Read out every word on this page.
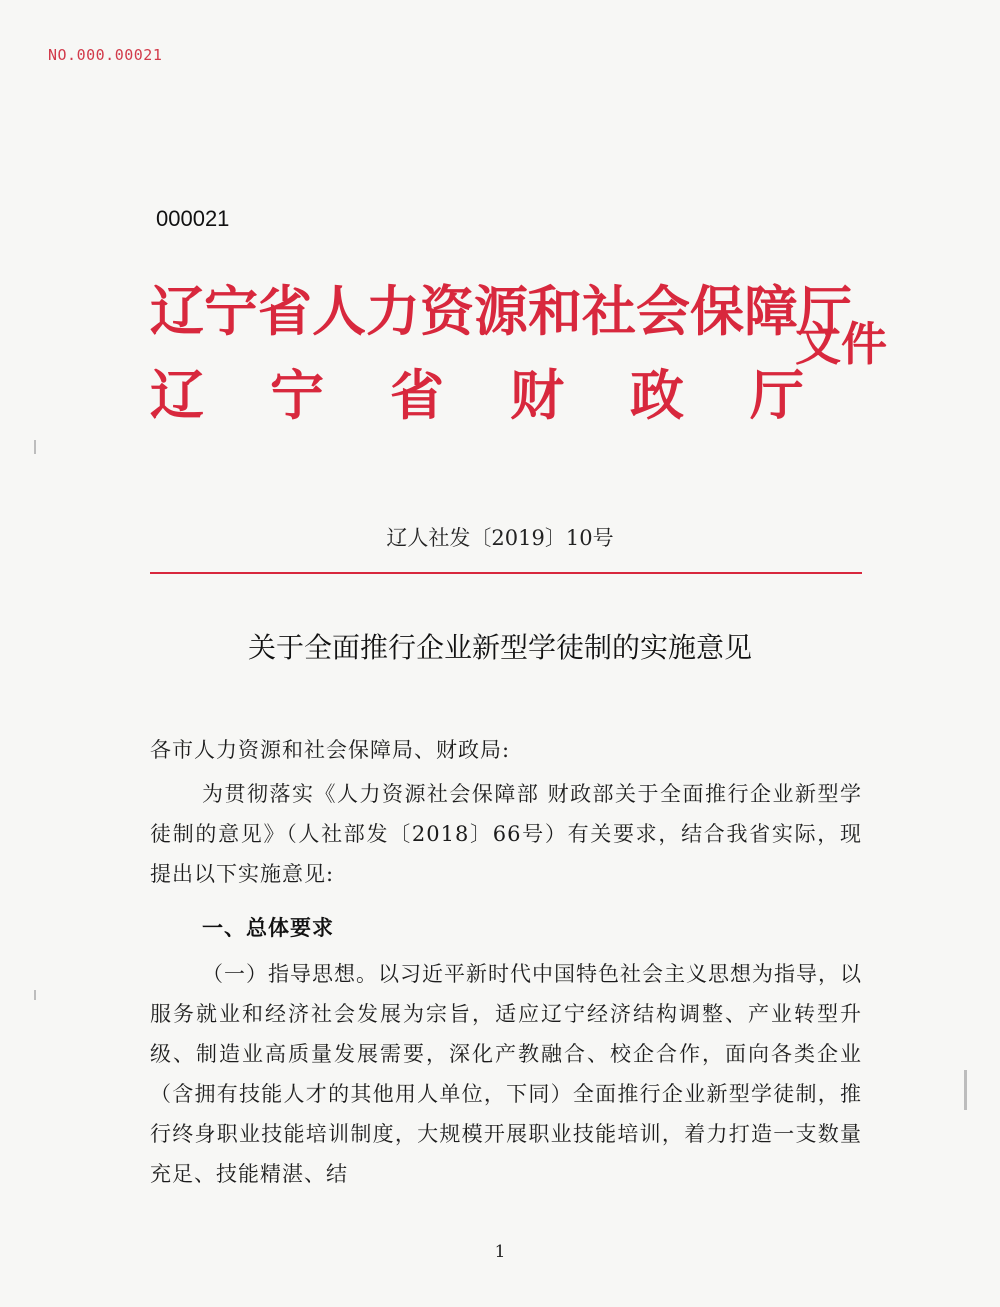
NO.000.00021
000021
辽宁省人力资源和社会保障厅
辽宁省财政厅
文件
辽人社发〔2019〕10号
关于全面推行企业新型学徒制的实施意见
各市人力资源和社会保障局、财政局:
为贯彻落实《人力资源社会保障部 财政部关于全面推行企业新型学徒制的意见》（人社部发〔2018〕66号）有关要求，结合我省实际，现提出以下实施意见:
一、总体要求
（一）指导思想。以习近平新时代中国特色社会主义思想为指导，以服务就业和经济社会发展为宗旨，适应辽宁经济结构调整、产业转型升级、制造业高质量发展需要，深化产教融合、校企合作，面向各类企业（含拥有技能人才的其他用人单位，下同）全面推行企业新型学徒制，推行终身职业技能培训制度，大规模开展职业技能培训，着力打造一支数量充足、技能精湛、结
1
